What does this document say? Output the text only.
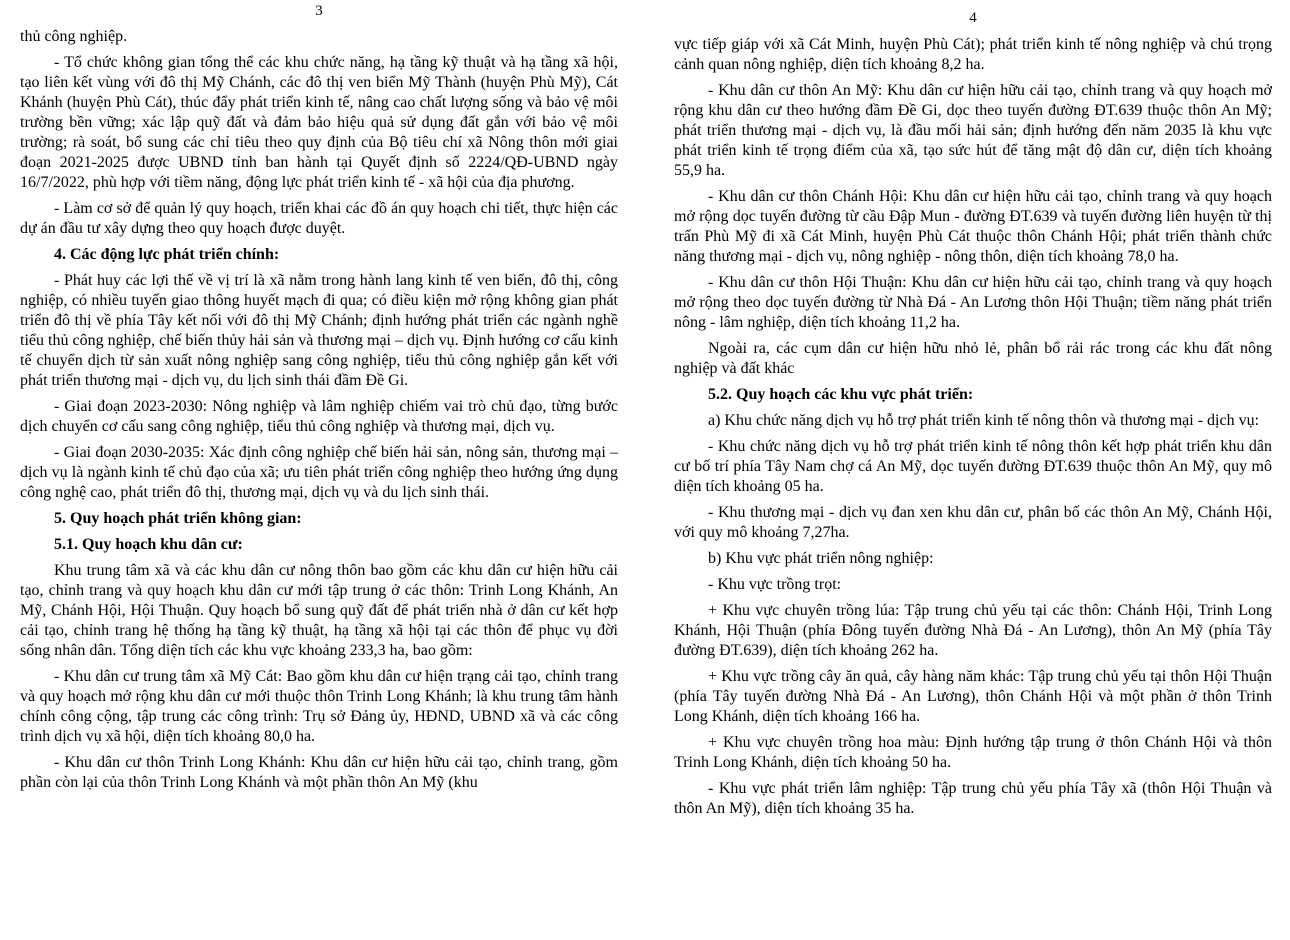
3

thủ công nghiệp.

- Tổ chức không gian tổng thể các khu chức năng, hạ tầng kỹ thuật và hạ tầng xã hội, tạo liên kết vùng với đô thị Mỹ Chánh, các đô thị ven biển Mỹ Thành (huyện Phù Mỹ), Cát Khánh (huyện Phù Cát), thúc đẩy phát triển kinh tế, nâng cao chất lượng sống và bảo vệ môi trường bền vững; xác lập quỹ đất và đảm bảo hiệu quả sử dụng đất gắn với bảo vệ môi trường; rà soát, bổ sung các chỉ tiêu theo quy định của Bộ tiêu chí xã Nông thôn mới giai đoạn 2021-2025 được UBND tỉnh ban hành tại Quyết định số 2224/QĐ-UBND ngày 16/7/2022, phù hợp với tiềm năng, động lực phát triển kinh tế - xã hội của địa phương.

- Làm cơ sở để quản lý quy hoạch, triển khai các đồ án quy hoạch chi tiết, thực hiện các dự án đầu tư xây dựng theo quy hoạch được duyệt.

4. Các động lực phát triển chính:

- Phát huy các lợi thế về vị trí là xã nằm trong hành lang kinh tế ven biển, đô thị, công nghiệp, có nhiều tuyến giao thông huyết mạch đi qua; có điều kiện mở rộng không gian phát triển đô thị về phía Tây kết nối với đô thị Mỹ Chánh; định hướng phát triển các ngành nghề tiểu thủ công nghiệp, chế biến thủy hải sản và thương mại – dịch vụ. Định hướng cơ cấu kinh tế chuyển dịch từ sản xuất nông nghiệp sang công nghiệp, tiểu thủ công nghiệp gắn kết với phát triển thương mại - dịch vụ, du lịch sinh thái đầm Đề Gi.

- Giai đoạn 2023-2030: Nông nghiệp và lâm nghiệp chiếm vai trò chủ đạo, từng bước dịch chuyển cơ cấu sang công nghiệp, tiểu thủ công nghiệp và thương mại, dịch vụ.

- Giai đoạn 2030-2035: Xác định công nghiệp chế biến hải sản, nông sản, thương mại – dịch vụ là ngành kinh tế chủ đạo của xã; ưu tiên phát triển công nghiệp theo hướng ứng dụng công nghệ cao, phát triển đô thị, thương mại, dịch vụ và du lịch sinh thái.

5. Quy hoạch phát triển không gian:

5.1. Quy hoạch khu dân cư:

Khu trung tâm xã và các khu dân cư nông thôn bao gồm các khu dân cư hiện hữu cải tạo, chỉnh trang và quy hoạch khu dân cư mới tập trung ở các thôn: Trinh Long Khánh, An Mỹ, Chánh Hội, Hội Thuận. Quy hoạch bổ sung quỹ đất để phát triển nhà ở dân cư kết hợp cải tạo, chỉnh trang hệ thống hạ tầng kỹ thuật, hạ tầng xã hội tại các thôn để phục vụ đời sống nhân dân. Tổng diện tích các khu vực khoảng 233,3 ha, bao gồm:

- Khu dân cư trung tâm xã Mỹ Cát: Bao gồm khu dân cư hiện trạng cải tạo, chỉnh trang và quy hoạch mở rộng khu dân cư mới thuộc thôn Trinh Long Khánh; là khu trung tâm hành chính công cộng, tập trung các công trình: Trụ sở Đảng ủy, HĐND, UBND xã và các công trình dịch vụ xã hội, diện tích khoảng 80,0 ha.

- Khu dân cư thôn Trinh Long Khánh: Khu dân cư hiện hữu cải tạo, chỉnh trang, gồm phần còn lại của thôn Trinh Long Khánh và một phần thôn An Mỹ (khu

4

vực tiếp giáp với xã Cát Minh, huyện Phù Cát); phát triển kinh tế nông nghiệp và chú trọng cảnh quan nông nghiệp, diện tích khoảng 8,2 ha.

- Khu dân cư thôn An Mỹ: Khu dân cư hiện hữu cải tạo, chỉnh trang và quy hoạch mở rộng khu dân cư theo hướng đầm Đề Gi, dọc theo tuyến đường ĐT.639 thuộc thôn An Mỹ; phát triển thương mại - dịch vụ, là đầu mối hải sản; định hướng đến năm 2035 là khu vực phát triển kinh tế trọng điểm của xã, tạo sức hút để tăng mật độ dân cư, diện tích khoảng 55,9 ha.

- Khu dân cư thôn Chánh Hội: Khu dân cư hiện hữu cải tạo, chỉnh trang và quy hoạch mở rộng dọc tuyến đường từ cầu Đập Mun - đường ĐT.639 và tuyến đường liên huyện từ thị trấn Phù Mỹ đi xã Cát Minh, huyện Phù Cát thuộc thôn Chánh Hội; phát triển thành chức năng thương mại - dịch vụ, nông nghiệp - nông thôn, diện tích khoảng 78,0 ha.

- Khu dân cư thôn Hội Thuận: Khu dân cư hiện hữu cải tạo, chỉnh trang và quy hoạch mở rộng theo dọc tuyến đường từ Nhà Đá - An Lương thôn Hội Thuận; tiềm năng phát triển nông - lâm nghiệp, diện tích khoảng 11,2 ha.

Ngoài ra, các cụm dân cư hiện hữu nhỏ lẻ, phân bổ rải rác trong các khu đất nông nghiệp và đất khác

5.2. Quy hoạch các khu vực phát triển:

a) Khu chức năng dịch vụ hỗ trợ phát triển kinh tế nông thôn và thương mại - dịch vụ:

- Khu chức năng dịch vụ hỗ trợ phát triển kinh tế nông thôn kết hợp phát triển khu dân cư bố trí phía Tây Nam chợ cá An Mỹ, dọc tuyến đường ĐT.639 thuộc thôn An Mỹ, quy mô diện tích khoảng 05 ha.

- Khu thương mại - dịch vụ đan xen khu dân cư, phân bố các thôn An Mỹ, Chánh Hội, với quy mô khoảng 7,27ha.

b) Khu vực phát triển nông nghiệp:

- Khu vực trồng trọt:

+ Khu vực chuyên trồng lúa: Tập trung chủ yếu tại các thôn: Chánh Hội, Trinh Long Khánh, Hội Thuận (phía Đông tuyến đường Nhà Đá - An Lương), thôn An Mỹ (phía Tây đường ĐT.639), diện tích khoảng 262 ha.

+ Khu vực trồng cây ăn quả, cây hàng năm khác: Tập trung chủ yếu tại thôn Hội Thuận (phía Tây tuyến đường Nhà Đá - An Lương), thôn Chánh Hội và một phần ở thôn Trinh Long Khánh, diện tích khoảng 166 ha.

+ Khu vực chuyên trồng hoa màu: Định hướng tập trung ở thôn Chánh Hội và thôn Trinh Long Khánh, diện tích khoảng 50 ha.

- Khu vực phát triển lâm nghiệp: Tập trung chủ yếu phía Tây xã (thôn Hội Thuận và thôn An Mỹ), diện tích khoảng 35 ha.
